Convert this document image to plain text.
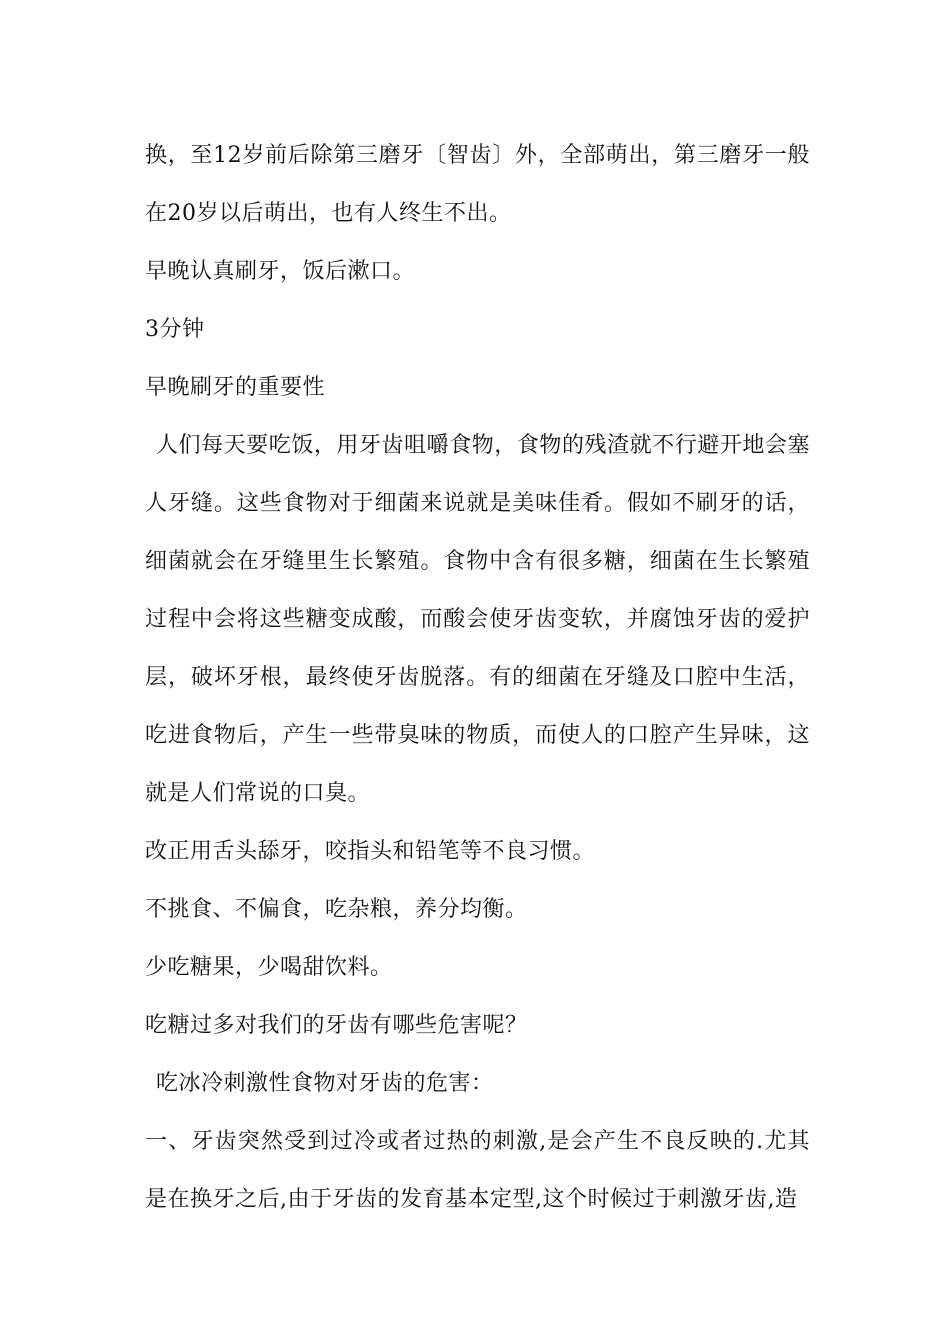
换，至12岁前后除第三磨牙〔智齿〕外，全部萌出，第三磨牙一般在20岁以后萌出，也有人终生不出。

早晚认真刷牙，饭后漱口。

3分钟

早晚刷牙的重要性

人们每天要吃饭，用牙齿咀嚼食物，食物的残渣就不行避开地会塞人牙缝。这些食物对于细菌来说就是美味佳肴。假如不刷牙的话，细菌就会在牙缝里生长繁殖。食物中含有很多糖，细菌在生长繁殖过程中会将这些糖变成酸，而酸会使牙齿变软，并腐蚀牙齿的爱护层，破坏牙根，最终使牙齿脱落。有的细菌在牙缝及口腔中生活，吃进食物后，产生一些带臭味的物质，而使人的口腔产生异味，这就是人们常说的口臭。

改正用舌头舔牙，咬指头和铅笔等不良习惯。

不挑食、不偏食，吃杂粮，养分均衡。

少吃糖果，少喝甜饮料。

吃糖过多对我们的牙齿有哪些危害呢？

吃冰冷刺激性食物对牙齿的危害：

一、牙齿突然受到过冷或者过热的刺激,是会产生不良反映的.尤其是在换牙之后,由于牙齿的发育基本定型,这个时候过于刺激牙齿,造
